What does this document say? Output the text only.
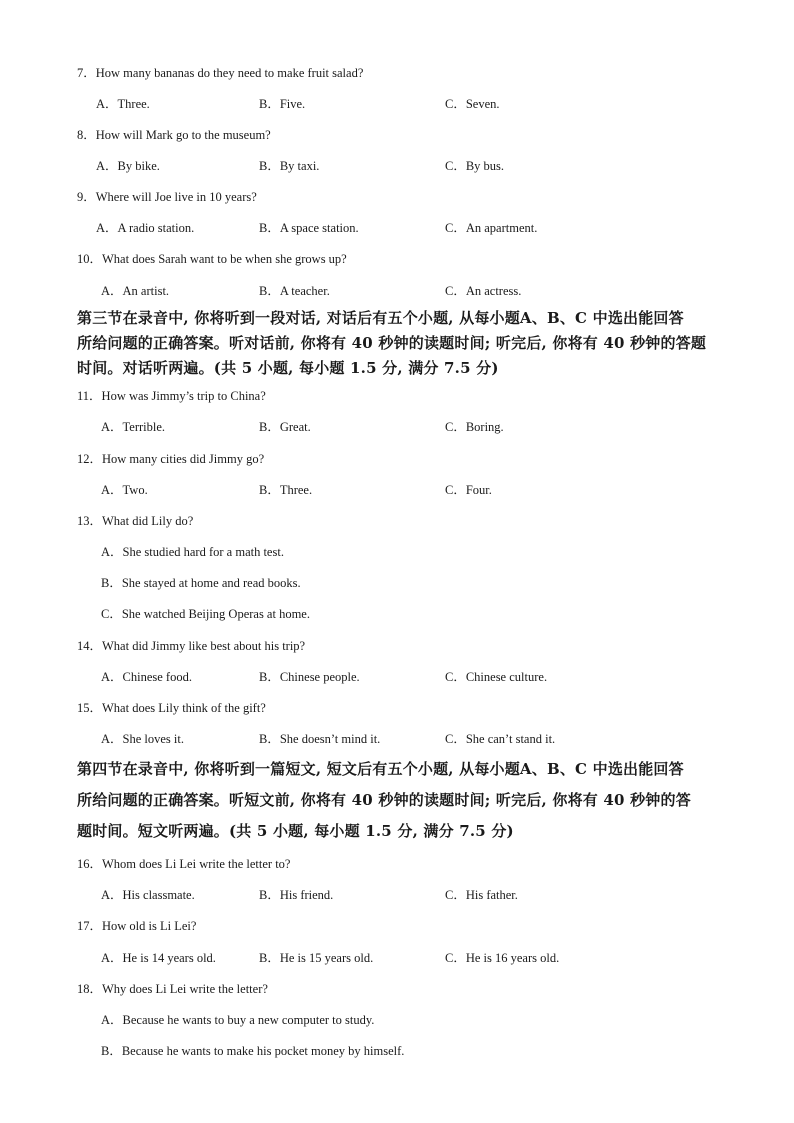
7．How many bananas do they need to make fruit salad?
A．Three.	B．Five.	C．Seven.
8．How will Mark go to the museum?
A．By bike.	B．By taxi.	C．By bus.
9．Where will Joe live in 10 years?
A．A radio station.	B．A space station.	C．An apartment.
10．What does Sarah want to be when she grows up?
A．An artist.	B．A teacher.	C．An actress.
第三节在录音中, 你将听到一段对话, 对话后有五个小题, 从每小题A、B、C 中选出能回答
所给问题的正确答案。听对话前, 你将有 40 秒钟的读题时间; 听完后, 你将有 40 秒钟的答题
时间。对话听两遍。(共 5 小题, 每小题 1.5 分, 满分 7.5 分)
11．How was Jimmy’s trip to China?
A．Terrible.	B．Great.	C．Boring.
12．How many cities did Jimmy go?
A．Two.	B．Three.	C．Four.
13．What did Lily do?
A．She studied hard for a math test.
B．She stayed at home and read books.
C．She watched Beijing Operas at home.
14．What did Jimmy like best about his trip?
A．Chinese food.	B．Chinese people.	C．Chinese culture.
15．What does Lily think of the gift?
A．She loves it.	B．She doesn’t mind it.	C．She can’t stand it.
第四节在录音中, 你将听到一篇短文, 短文后有五个小题, 从每小题A、B、C 中选出能回答
所给问题的正确答案。听短文前, 你将有 40 秒钟的读题时间; 听完后, 你将有 40 秒钟的答
题时间。短文听两遍。(共 5 小题, 每小题 1.5 分, 满分 7.5 分)
16．Whom does Li Lei write the letter to?
A．His classmate.	B．His friend.	C．His father.
17．How old is Li Lei?
A．He is 14 years old.	B．He is 15 years old.	C．He is 16 years old.
18．Why does Li Lei write the letter?
A．Because he wants to buy a new computer to study.
B．Because he wants to make his pocket money by himself.
